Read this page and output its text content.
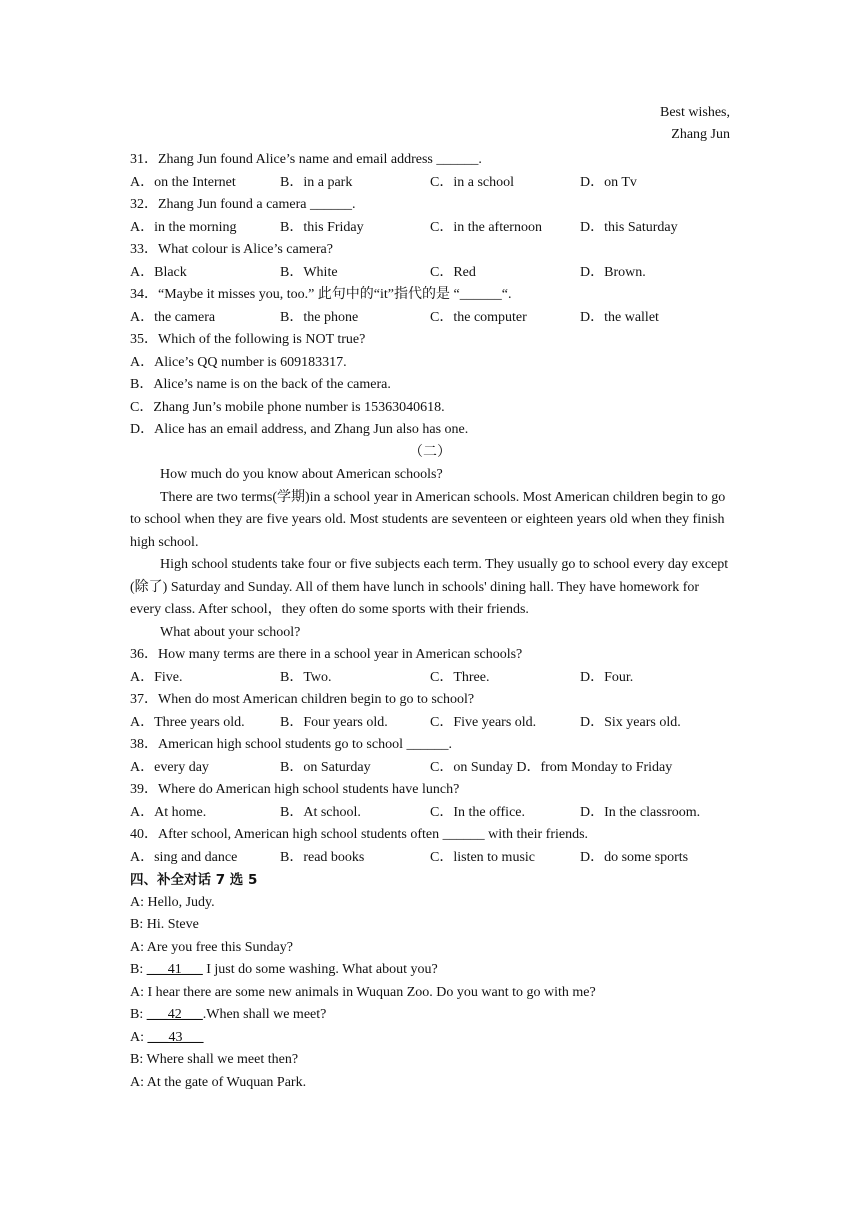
Best wishes,
Zhang Jun
31．Zhang Jun found Alice’s name and email address ______.
A．on the Internet	B．in a park	C．in a school	D．on Tv
32．Zhang Jun found a camera ______.
A．in the morning	B．this Friday	C．in the afternoon	D．this Saturday
33．What colour is Alice’s camera?
A．Black	B．White	C．Red	D．Brown.
34．“Maybe it misses you, too.” 此句中的“it”指代的是 “______“.
A．the camera	B．the phone	C．the computer	D．the wallet
35．Which of the following is NOT true?
A．Alice’s QQ number is 609183317.
B．Alice’s name is on the back of the camera.
C．Zhang Jun’s mobile phone number is 15363040618.
D．Alice has an email address, and Zhang Jun also has one.
（二）
How much do you know about American schools?
There are two terms(学期)in a school year in American schools. Most American children begin to go to school when they are five years old. Most students are seventeen or eighteen years old when they finish high school.
High school students take four or five subjects each term. They usually go to school every day except (除了) Saturday and Sunday. All of them have lunch in schools' dining hall. They have homework for every class. After school，they often do some sports with their friends.
What about your school?
36．How many terms are there in a school year in American schools?
A．Five.	B．Two.	C．Three.	D．Four.
37．When do most American children begin to go to school?
A．Three years old.	B．Four years old.	C．Five years old.	D．Six years old.
38．American high school students go to school ______.
A．every day	B．on Saturday	C．on Sunday D．from Monday to Friday
39．Where do American high school students have lunch?
A．At home.	B．At school.	C．In the office.	D．In the classroom.
40．After school, American high school students often ______ with their friends.
A．sing and dance	B．read books	C．listen to music	D．do some sports
四、补全对话 7 选 5
A: Hello, Judy.
B: Hi. Steve
A: Are you free this Sunday?
B: ___41___ I just do some washing. What about you?
A: I hear there are some new animals in Wuquan Zoo. Do you want to go with me?
B: ___42___.When shall we meet?
A: ___43___
B: Where shall we meet then?
A: At the gate of Wuquan Park.
